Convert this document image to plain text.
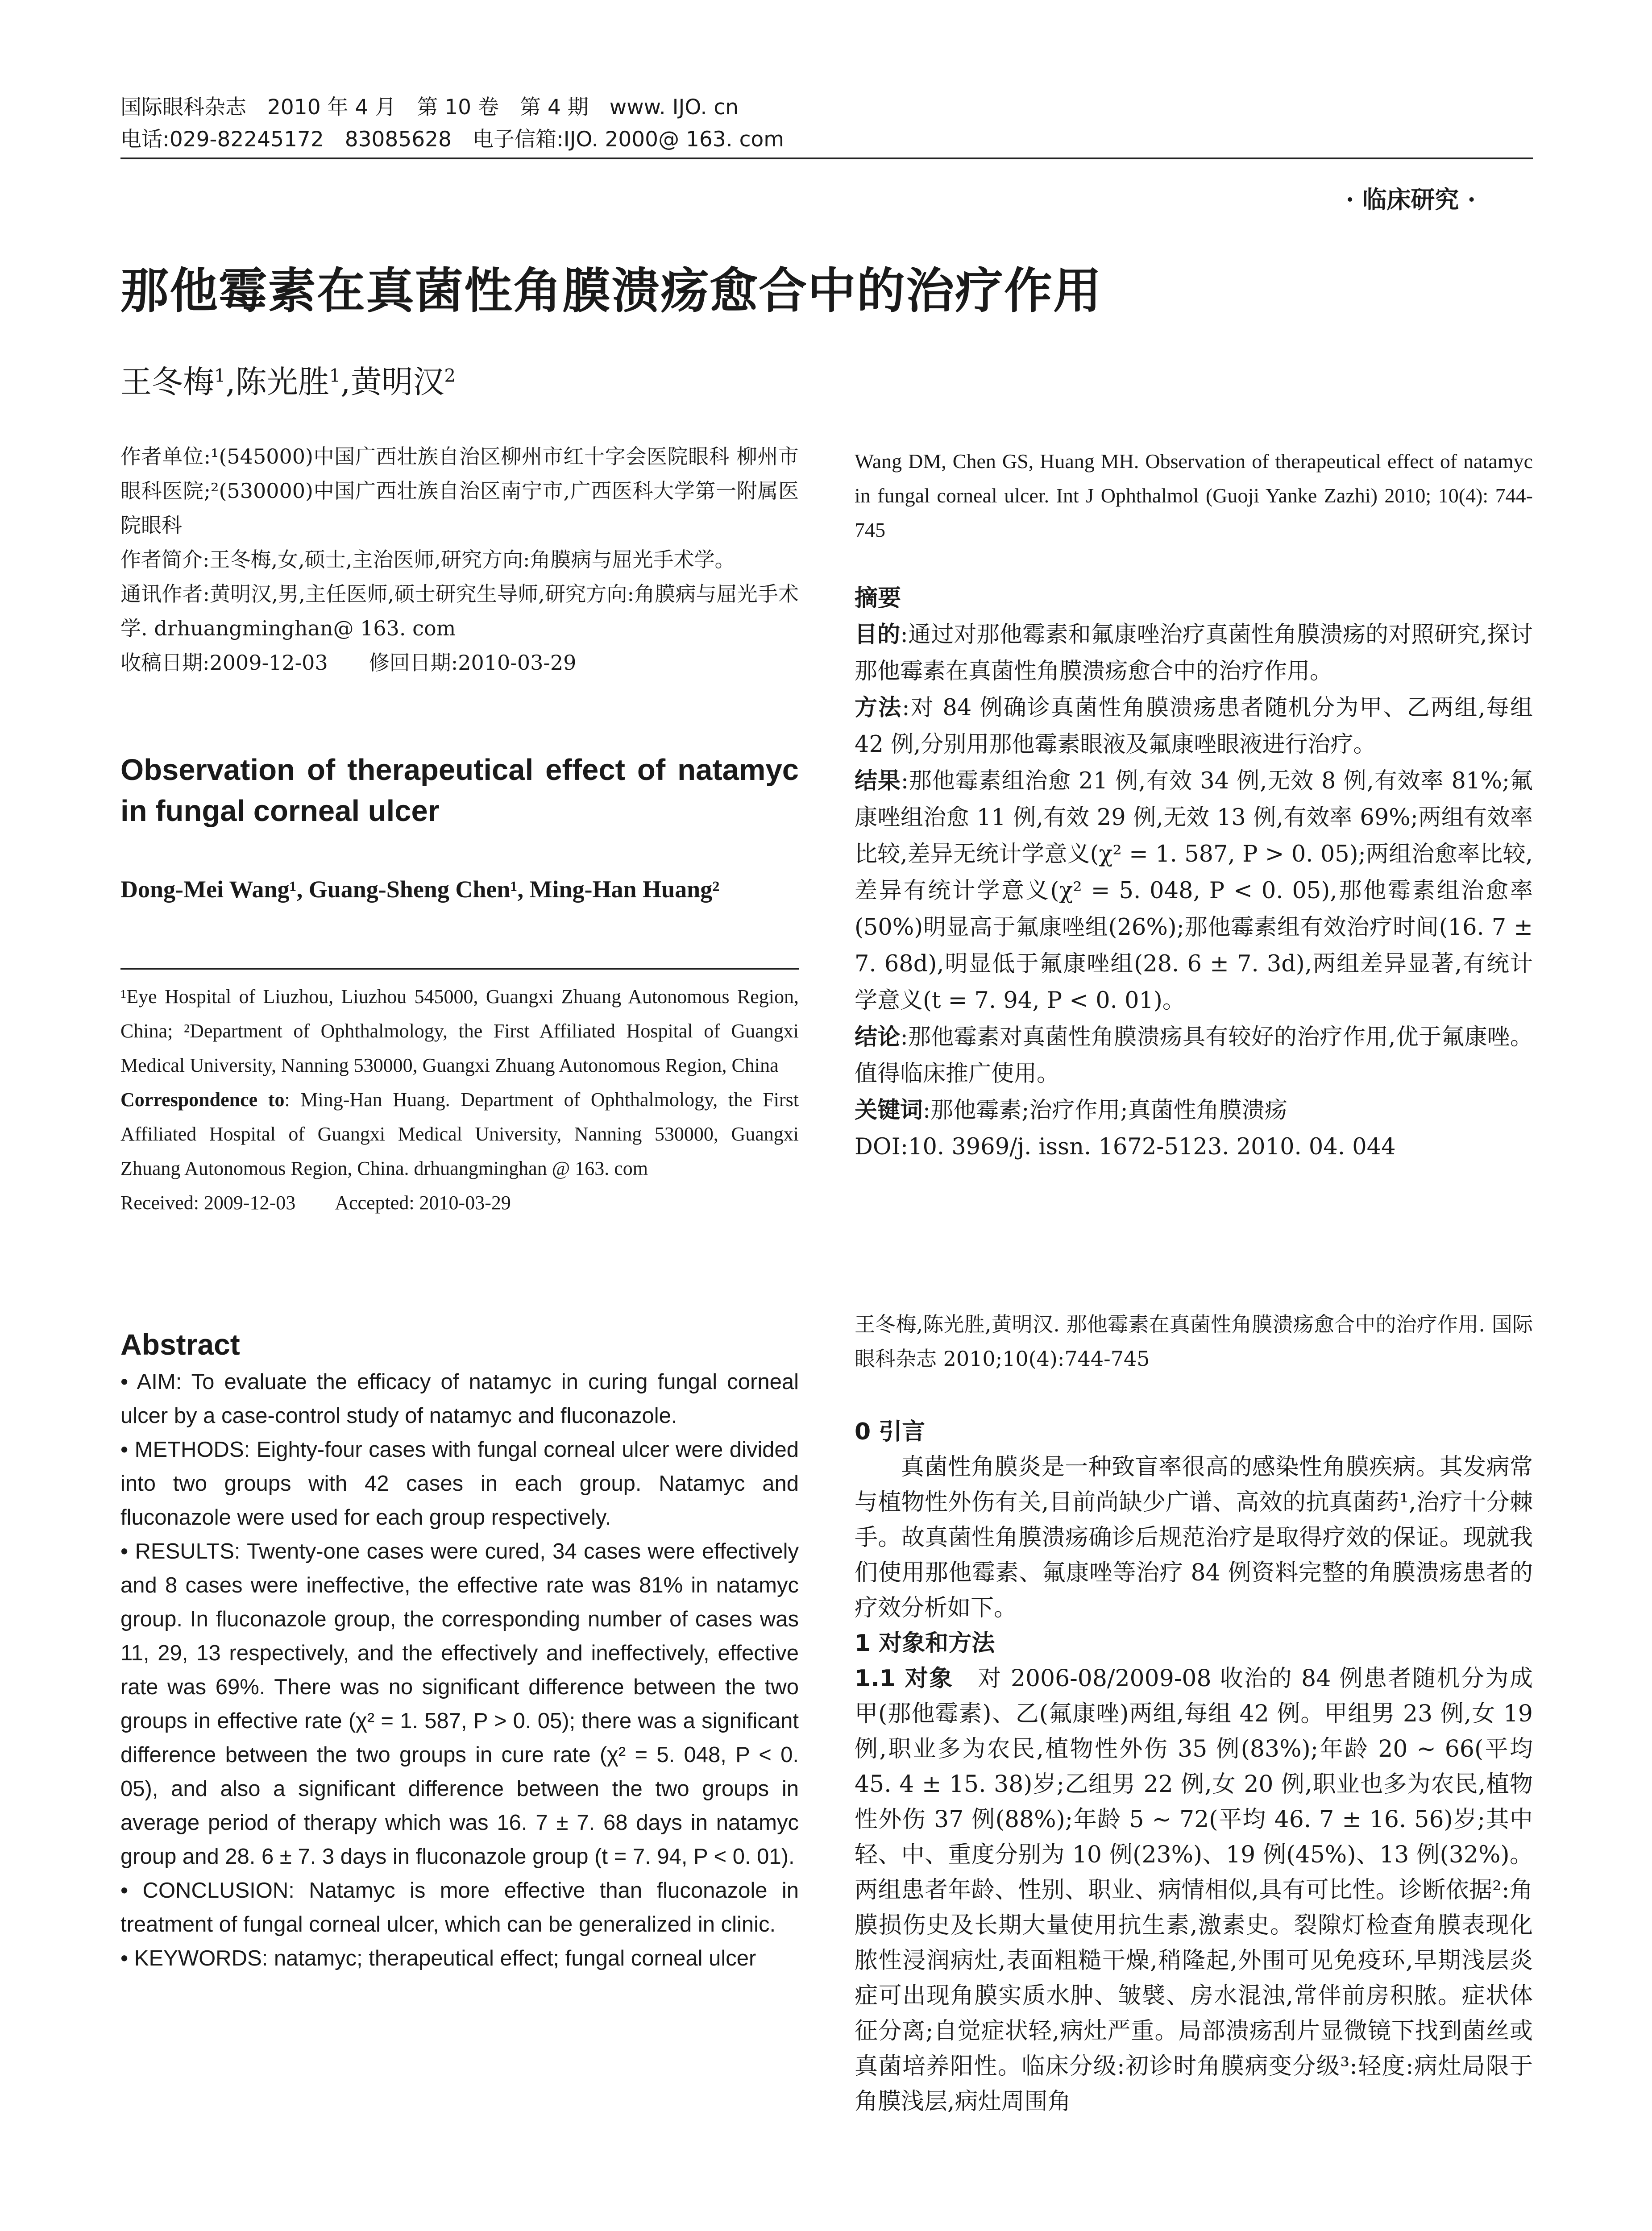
国际眼科杂志　2010 年 4 月　第 10 卷　第 4 期　www. IJO. cn
电话:029-82245172　83085628　电子信箱:IJO. 2000@ 163. com
· 临床研究 ·
那他霉素在真菌性角膜溃疡愈合中的治疗作用
王冬梅$^1$,陈光胜$^1$,黄明汉$^2$

作者单位:¹(545000)中国广西壮族自治区柳州市红十字会医院眼科 柳州市眼科医院;²(530000)中国广西壮族自治区南宁市,广西医科大学第一附属医院眼科

作者简介:王冬梅,女,硕士,主治医师,研究方向:角膜病与屈光手术学。

通讯作者:黄明汉,男,主任医师,硕士研究生导师,研究方向:角膜病与屈光手术学. drhuangminghan@ 163. com

收稿日期:2009-12-03　　修回日期:2010-03-29

Observation of therapeutical effect of natamyc in fungal corneal ulcer
Dong-Mei Wang¹, Guang-Sheng Chen¹, Ming-Han Huang²

¹Eye Hospital of Liuzhou, Liuzhou 545000, Guangxi Zhuang Autonomous Region, China; ²Department of Ophthalmology, the First Affiliated Hospital of Guangxi Medical University, Nanning 530000, Guangxi Zhuang Autonomous Region, China

Correspondence to: Ming-Han Huang. Department of Ophthalmology, the First Affiliated Hospital of Guangxi Medical University, Nanning 530000, Guangxi Zhuang Autonomous Region, China. drhuangminghan @ 163. com

Received: 2009-12-03　　Accepted: 2010-03-29

Abstract

• AIM: To evaluate the efficacy of natamyc in curing fungal corneal ulcer by a case-control study of natamyc and fluconazole.

• METHODS: Eighty-four cases with fungal corneal ulcer were divided into two groups with 42 cases in each group. Natamyc and fluconazole were used for each group respectively.

• RESULTS: Twenty-one cases were cured, 34 cases were effectively and 8 cases were ineffective, the effective rate was 81% in natamyc group. In fluconazole group, the corresponding number of cases was 11, 29, 13 respectively, and the effectively and ineffectively, effective rate was 69%. There was no significant difference between the two groups in effective rate (χ² = 1. 587, P > 0. 05); there was a significant difference between the two groups in cure rate (χ² = 5. 048, P < 0. 05), and also a significant difference between the two groups in average period of therapy which was 16. 7 ± 7. 68 days in natamyc group and 28. 6 ± 7. 3 days in fluconazole group (t = 7. 94, P < 0. 01).

• CONCLUSION: Natamyc is more effective than fluconazole in treatment of fungal corneal ulcer, which can be generalized in clinic.

• KEYWORDS: natamyc; therapeutical effect; fungal corneal ulcer

Wang DM, Chen GS, Huang MH. Observation of therapeutical effect of natamyc in fungal corneal ulcer. Int J Ophthalmol (Guoji Yanke Zazhi) 2010; 10(4): 744-745
摘要

目的:通过对那他霉素和氟康唑治疗真菌性角膜溃疡的对照研究,探讨那他霉素在真菌性角膜溃疡愈合中的治疗作用。

方法:对 84 例确诊真菌性角膜溃疡患者随机分为甲、乙两组,每组 42 例,分别用那他霉素眼液及氟康唑眼液进行治疗。

结果:那他霉素组治愈 21 例,有效 34 例,无效 8 例,有效率 81%;氟康唑组治愈 11 例,有效 29 例,无效 13 例,有效率 69%;两组有效率比较,差异无统计学意义(χ² = 1. 587, P > 0. 05);两组治愈率比较,差异有统计学意义(χ² = 5. 048, P < 0. 05),那他霉素组治愈率(50%)明显高于氟康唑组(26%);那他霉素组有效治疗时间(16. 7 ± 7. 68d),明显低于氟康唑组(28. 6 ± 7. 3d),两组差异显著,有统计学意义(t = 7. 94, P < 0. 01)。

结论:那他霉素对真菌性角膜溃疡具有较好的治疗作用,优于氟康唑。值得临床推广使用。

关键词:那他霉素;治疗作用;真菌性角膜溃疡

DOI:10. 3969/j. issn. 1672-5123. 2010. 04. 044

王冬梅,陈光胜,黄明汉. 那他霉素在真菌性角膜溃疡愈合中的治疗作用. 国际眼科杂志 2010;10(4):744-745
0 引言

真菌性角膜炎是一种致盲率很高的感染性角膜疾病。其发病常与植物性外伤有关,目前尚缺少广谱、高效的抗真菌药¹,治疗十分棘手。故真菌性角膜溃疡确诊后规范治疗是取得疗效的保证。现就我们使用那他霉素、氟康唑等治疗 84 例资料完整的角膜溃疡患者的疗效分析如下。

1 对象和方法

1.1 对象　对 2006-08/2009-08 收治的 84 例患者随机分为成甲(那他霉素)、乙(氟康唑)两组,每组 42 例。甲组男 23 例,女 19 例,职业多为农民,植物性外伤 35 例(83%);年龄 20 ~ 66(平均 45. 4 ± 15. 38)岁;乙组男 22 例,女 20 例,职业也多为农民,植物性外伤 37 例(88%);年龄 5 ~ 72(平均 46. 7 ± 16. 56)岁;其中轻、中、重度分别为 10 例(23%)、19 例(45%)、13 例(32%)。两组患者年龄、性别、职业、病情相似,具有可比性。诊断依据²:角膜损伤史及长期大量使用抗生素,激素史。裂隙灯检查角膜表现化脓性浸润病灶,表面粗糙干燥,稍隆起,外围可见免疫环,早期浅层炎症可出现角膜实质水肿、皱襞、房水混浊,常伴前房积脓。症状体征分离;自觉症状轻,病灶严重。局部溃疡刮片显微镜下找到菌丝或真菌培养阳性。临床分级:初诊时角膜病变分级³:轻度:病灶局限于角膜浅层,病灶周围角
